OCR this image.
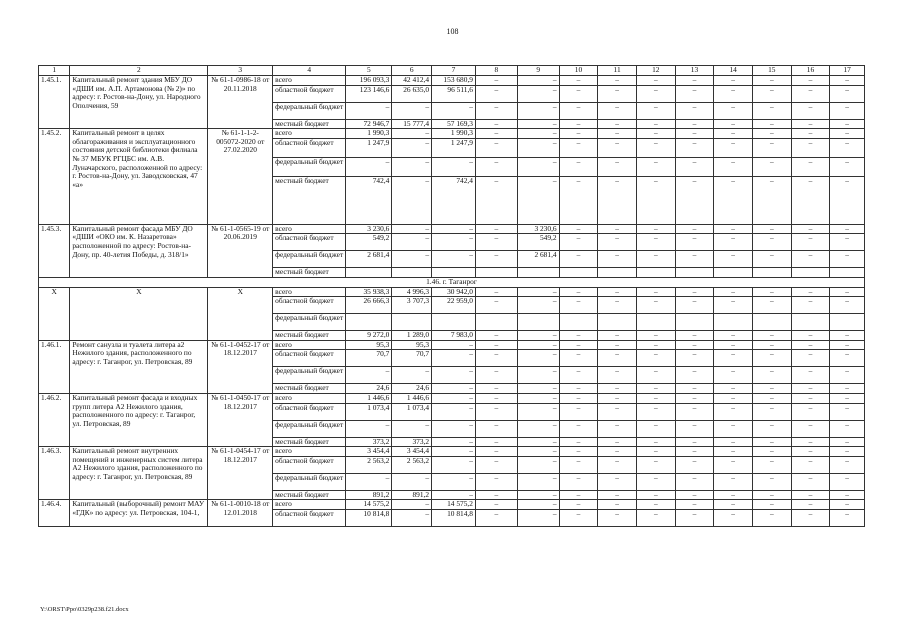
108
1	2	3	4	5	6	7	8	9	10	11	12	13	14	15	16	17
1.45.1.	Капитальный ремонт здания МБУ ДО «ДШИ им. А.П. Артамонова (№ 2)» по адресу: г. Ростов-на-Дону, ул. Народного Ополчения, 59	№ 61-1-0986-18 от 20.11.2018	всего	196 093,3	42 412,4	153 680,9	–	–	–	–	–	–	–	–	–	–
			областной бюджет	123 146,6	26 635,0	96 511,6	–	–	–	–	–	–	–	–	–	–
			федеральный бюджет	–	–	–	–	–	–	–	–	–	–	–	–	–
			местный бюджет	72 946,7	15 777,4	57 169,3	–	–	–	–	–	–	–	–	–	–
1.45.2.	Капитальный ремонт в целях облагораживания и эксплуатационного состояния детской библиотеки филиала № 37 МБУК РГЦБС им. А.В. Луначарского, расположенной по адресу: г. Ростов-на-Дону, ул. Заводсковская, 47 «а»	№ 61-1-1-2-005072-2020 от 27.02.2020	всего	1 990,3	–	1 990,3	–	–	–	–	–	–	–	–	–	–
			областной бюджет	1 247,9	–	1 247,9	–	–	–	–	–	–	–	–	–	–
			федеральный бюджет	–	–	–	–	–	–	–	–	–	–	–	–	–
			местный бюджет	742,4	–	742,4	–	–	–	–	–	–	–	–	–	–
1.45.3.	Капитальный ремонт фасада МБУ ДО «ДШИ «ОКО им. К. Назаретова» расположенной по адресу: Ростов-на-Дону, пр. 40-летия Победы, д. 318/1»	№ 61-1-0565-19 от 20.06.2019	всего	3 230,6	–	–	–	3 230,6	–	–	–	–	–	–	–	–
			областной бюджет	549,2	–	–	–	549,2	–	–	–	–	–	–	–	–
			федеральный бюджет	2 681,4	–	–	–	2 681,4	–	–	–	–	–	–	–	–
			местный бюджет													
1.46. г. Таганрог																
X	X	X	всего	35 938,3	4 996,3	30 942,0	–	–	–	–	–	–	–	–	–	–
			областной бюджет	26 666,3	3 707,3	22 959,0	–	–	–	–	–	–	–	–	–	–
			федеральный бюджет													
			местный бюджет	9 272,0	1 289,0	7 983,0	–	–	–	–	–	–	–	–	–	–
1.46.1.	Ремонт санузла и туалета литера а2 Нежилого здания, расположенного по адресу: г. Таганрог, ул. Петровская, 89	№ 61-1-0452-17 от 18.12.2017	всего	95,3	95,3	–	–	–	–	–	–	–	–	–	–	–
			областной бюджет	70,7	70,7	–	–	–	–	–	–	–	–	–	–	–
			федеральный бюджет	–	–	–	–	–	–	–	–	–	–	–	–	–
			местный бюджет	24,6	24,6	–	–	–	–	–	–	–	–	–	–	–
1.46.2.	Капитальный ремонт фасада и входных групп литера А2 Нежилого здания, расположенного по адресу: г. Таганрог, ул. Петровская, 89	№ 61-1-0450-17 от 18.12.2017	всего	1 446,6	1 446,6	–	–	–	–	–	–	–	–	–	–	–
			областной бюджет	1 073,4	1 073,4	–	–	–	–	–	–	–	–	–	–	–
			федеральный бюджет	–	–	–	–	–	–	–	–	–	–	–	–	–
			местный бюджет	373,2	373,2	–	–	–	–	–	–	–	–	–	–	–
1.46.3.	Капитальный ремонт внутренних помещений и инженерных систем литера А2 Нежилого здания, расположенного по адресу: г. Таганрог, ул. Петровская, 89	№ 61-1-0454-17 от 18.12.2017	всего	3 454,4	3 454,4	–	–	–	–	–	–	–	–	–	–	–
			областной бюджет	2 563,2	2 563,2	–	–	–	–	–	–	–	–	–	–	–
			федеральный бюджет	–	–	–	–	–	–	–	–	–	–	–	–	–
			местный бюджет	891,2	891,2	–	–	–	–	–	–	–	–	–	–	–
1.46.4.	Капитальный (выборочный) ремонт МАУ «ГДК» по адресу: ул. Петровская, 104-1,	№ 61-1-0010-18 от 12.01.2018	всего	14 575,2	–	14 575,2	–	–	–	–	–	–	–	–	–	–
			областной бюджет	10 814,8	–	10 814,8	–	–	–	–	–	–	–	–	–	–
Y:\ORST\Ppo\0329p238.f21.docx
